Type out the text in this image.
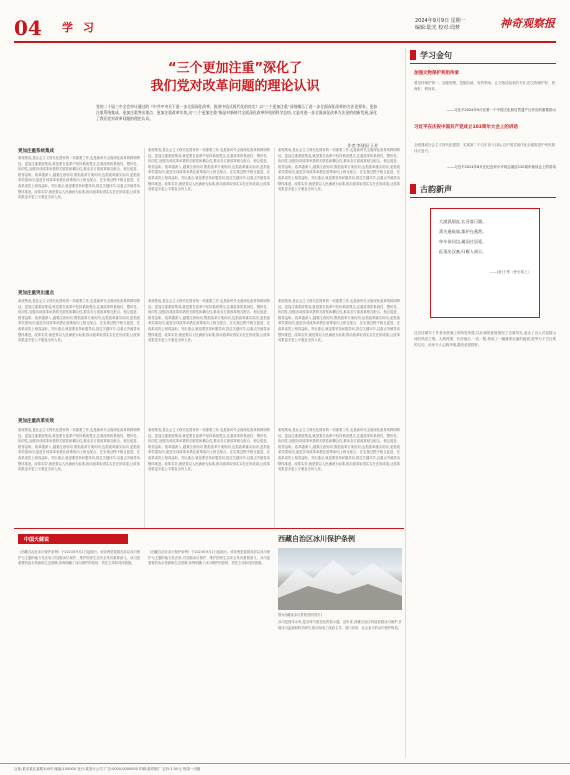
04 学 习	2024年9月9日 星期一
编辑:陆光 校对:周梦	神奇观察报
“三个更加注重”深化了
我们党对改革问题的理论认识
党的二十届三中全会审议通过的《中共中央关于进一步全面深化改革、推进中国式现代化的决定》以“三个更加注重”深刻揭示了进一步全面深化改革的方法论要求。更加注重系统集成、更加注重突出重点、更加注重改革实效,这“三个更加注重”既是对新时代全面深化改革经验的科学总结,又是对进一步全面深化改革方法论的创新发展,深化了我们党对改革问题的理论认识。
作者:李建国 王芳
更加注重系统集成
系统集成,是社会主义现代化国家的一项重要工作,也是新时代全面深化改革的鲜明特征。更加注重系统集成,就是要在改革中坚持系统观念,注重改革的系统性、整体性、协同性,加强各项改革举措的关联性和耦合性,推动各方面改革相互配合、相互促进、相得益彰。改革越深入,越要注意协同,既抓改革方案协同,也抓改革落实协同,更抓改革效果协同,促进各项改革举措在政策取向上相互配合、在实施过程中相互促进、在改革成效上相得益彰。突出重点,就是要坚持问题导向,抓住关键环节,以重点突破带动整体推进。改革实效,就是要以人民满意为标准,推动改革取得实实在在的成果,让改革成果更多更公平惠及全体人民。
系统集成,是社会主义现代化国家的一项重要工作,也是新时代全面深化改革的鲜明特征。更加注重系统集成,就是要在改革中坚持系统观念,注重改革的系统性、整体性、协同性,加强各项改革举措的关联性和耦合性,推动各方面改革相互配合、相互促进、相得益彰。改革越深入,越要注意协同,既抓改革方案协同,也抓改革落实协同,更抓改革效果协同,促进各项改革举措在政策取向上相互配合、在实施过程中相互促进、在改革成效上相得益彰。突出重点,就是要坚持问题导向,抓住关键环节,以重点突破带动整体推进。改革实效,就是要以人民满意为标准,推动改革取得实实在在的成果,让改革成果更多更公平惠及全体人民。
系统集成,是社会主义现代化国家的一项重要工作,也是新时代全面深化改革的鲜明特征。更加注重系统集成,就是要在改革中坚持系统观念,注重改革的系统性、整体性、协同性,加强各项改革举措的关联性和耦合性,推动各方面改革相互配合、相互促进、相得益彰。改革越深入,越要注意协同,既抓改革方案协同,也抓改革落实协同,更抓改革效果协同,促进各项改革举措在政策取向上相互配合、在实施过程中相互促进、在改革成效上相得益彰。突出重点,就是要坚持问题导向,抓住关键环节,以重点突破带动整体推进。改革实效,就是要以人民满意为标准,推动改革取得实实在在的成果,让改革成果更多更公平惠及全体人民。
更加注重突出重点
系统集成,是社会主义现代化国家的一项重要工作,也是新时代全面深化改革的鲜明特征。更加注重系统集成,就是要在改革中坚持系统观念,注重改革的系统性、整体性、协同性,加强各项改革举措的关联性和耦合性,推动各方面改革相互配合、相互促进、相得益彰。改革越深入,越要注意协同,既抓改革方案协同,也抓改革落实协同,更抓改革效果协同,促进各项改革举措在政策取向上相互配合、在实施过程中相互促进、在改革成效上相得益彰。突出重点,就是要坚持问题导向,抓住关键环节,以重点突破带动整体推进。改革实效,就是要以人民满意为标准,推动改革取得实实在在的成果,让改革成果更多更公平惠及全体人民。
系统集成,是社会主义现代化国家的一项重要工作,也是新时代全面深化改革的鲜明特征。更加注重系统集成,就是要在改革中坚持系统观念,注重改革的系统性、整体性、协同性,加强各项改革举措的关联性和耦合性,推动各方面改革相互配合、相互促进、相得益彰。改革越深入,越要注意协同,既抓改革方案协同,也抓改革落实协同,更抓改革效果协同,促进各项改革举措在政策取向上相互配合、在实施过程中相互促进、在改革成效上相得益彰。突出重点,就是要坚持问题导向,抓住关键环节,以重点突破带动整体推进。改革实效,就是要以人民满意为标准,推动改革取得实实在在的成果,让改革成果更多更公平惠及全体人民。
系统集成,是社会主义现代化国家的一项重要工作,也是新时代全面深化改革的鲜明特征。更加注重系统集成,就是要在改革中坚持系统观念,注重改革的系统性、整体性、协同性,加强各项改革举措的关联性和耦合性,推动各方面改革相互配合、相互促进、相得益彰。改革越深入,越要注意协同,既抓改革方案协同,也抓改革落实协同,更抓改革效果协同,促进各项改革举措在政策取向上相互配合、在实施过程中相互促进、在改革成效上相得益彰。突出重点,就是要坚持问题导向,抓住关键环节,以重点突破带动整体推进。改革实效,就是要以人民满意为标准,推动改革取得实实在在的成果,让改革成果更多更公平惠及全体人民。
更加注重改革实效
系统集成,是社会主义现代化国家的一项重要工作,也是新时代全面深化改革的鲜明特征。更加注重系统集成,就是要在改革中坚持系统观念,注重改革的系统性、整体性、协同性,加强各项改革举措的关联性和耦合性,推动各方面改革相互配合、相互促进、相得益彰。改革越深入,越要注意协同,既抓改革方案协同,也抓改革落实协同,更抓改革效果协同,促进各项改革举措在政策取向上相互配合、在实施过程中相互促进、在改革成效上相得益彰。突出重点,就是要坚持问题导向,抓住关键环节,以重点突破带动整体推进。改革实效,就是要以人民满意为标准,推动改革取得实实在在的成果,让改革成果更多更公平惠及全体人民。
系统集成,是社会主义现代化国家的一项重要工作,也是新时代全面深化改革的鲜明特征。更加注重系统集成,就是要在改革中坚持系统观念,注重改革的系统性、整体性、协同性,加强各项改革举措的关联性和耦合性,推动各方面改革相互配合、相互促进、相得益彰。改革越深入,越要注意协同,既抓改革方案协同,也抓改革落实协同,更抓改革效果协同,促进各项改革举措在政策取向上相互配合、在实施过程中相互促进、在改革成效上相得益彰。突出重点,就是要坚持问题导向,抓住关键环节,以重点突破带动整体推进。改革实效,就是要以人民满意为标准,推动改革取得实实在在的成果,让改革成果更多更公平惠及全体人民。
系统集成,是社会主义现代化国家的一项重要工作,也是新时代全面深化改革的鲜明特征。更加注重系统集成,就是要在改革中坚持系统观念,注重改革的系统性、整体性、协同性,加强各项改革举措的关联性和耦合性,推动各方面改革相互配合、相互促进、相得益彰。改革越深入,越要注意协同,既抓改革方案协同,也抓改革落实协同,更抓改革效果协同,促进各项改革举措在政策取向上相互配合、在实施过程中相互促进、在改革成效上相得益彰。突出重点,就是要坚持问题导向,抓住关键环节,以重点突破带动整体推进。改革实效,就是要以人民满意为标准,推动改革取得实实在在的成果,让改革成果更多更公平惠及全体人民。
学习金句
加强文物保护利用传承
要坚持保护第一、加强管理、挖掘价值、有效利用、让文物活起来的方针,把文物保护好、管理好、利用好。
——习近平2024年9月在第一个中国文化和自然遗产日作出的重要指示
习近平在庆祝中国共产党成立103周年大会上的讲话
全面建成社会主义现代化强国、实现第二个百年奋斗目标,以中国式现代化全面推进中华民族伟大复兴。
——习近平2024年8月在纪念邓小平同志诞辰120周年座谈会上的讲话
古韵新声
大漠孤烟直,长河落日圆。
萧关逢候骑,都护在燕然。
单车欲问边,属国过居延。
征蓬出汉塞,归雁入胡天。
——(唐)王维《使至塞上》
这首诗描写了作者出使塞上的所见所感,以壮阔的意境展现了边塞风光,表达了诗人对祖国山河的热爱之情。大漠孤烟、长河落日,一直一圆,构成了一幅雄浑壮丽的画面,被誉为千古壮观的名句。读来令人心胸开阔,激发爱国情怀。
中国天健说
《西藏自治区冰川保护条例》于2024年9月1日起施行。该条例是我国首部以冰川保护为主题的地方性法规,对加强冰川保护、维护国家生态安全具有重要意义。冰川是重要的淡水资源和生态屏障,条例明确了冰川保护的原则、责任主体和具体措施。
《西藏自治区冰川保护条例》于2024年9月1日起施行。该条例是我国首部以冰川保护为主题的地方性法规,对加强冰川保护、维护国家生态安全具有重要意义。冰川是重要的淡水资源和生态屏障,条例明确了冰川保护的原则、责任主体和具体措施。
西藏自治区冰川保护条例
图为西藏某冰川景观(资料图片)
冰川是固体水库,是全球气候变化的指示器。近年来,西藏自治区持续加强冰川保护,开展冰川监测和科学研究,推动形成了政府主导、部门协同、社会参与的冰川保护格局。
社址:某市某区某路100号 邮编:100000 发行:某发行公司 广告:0000-0000000 印刷:某印刷厂 定价:1.50元 每周一出版
